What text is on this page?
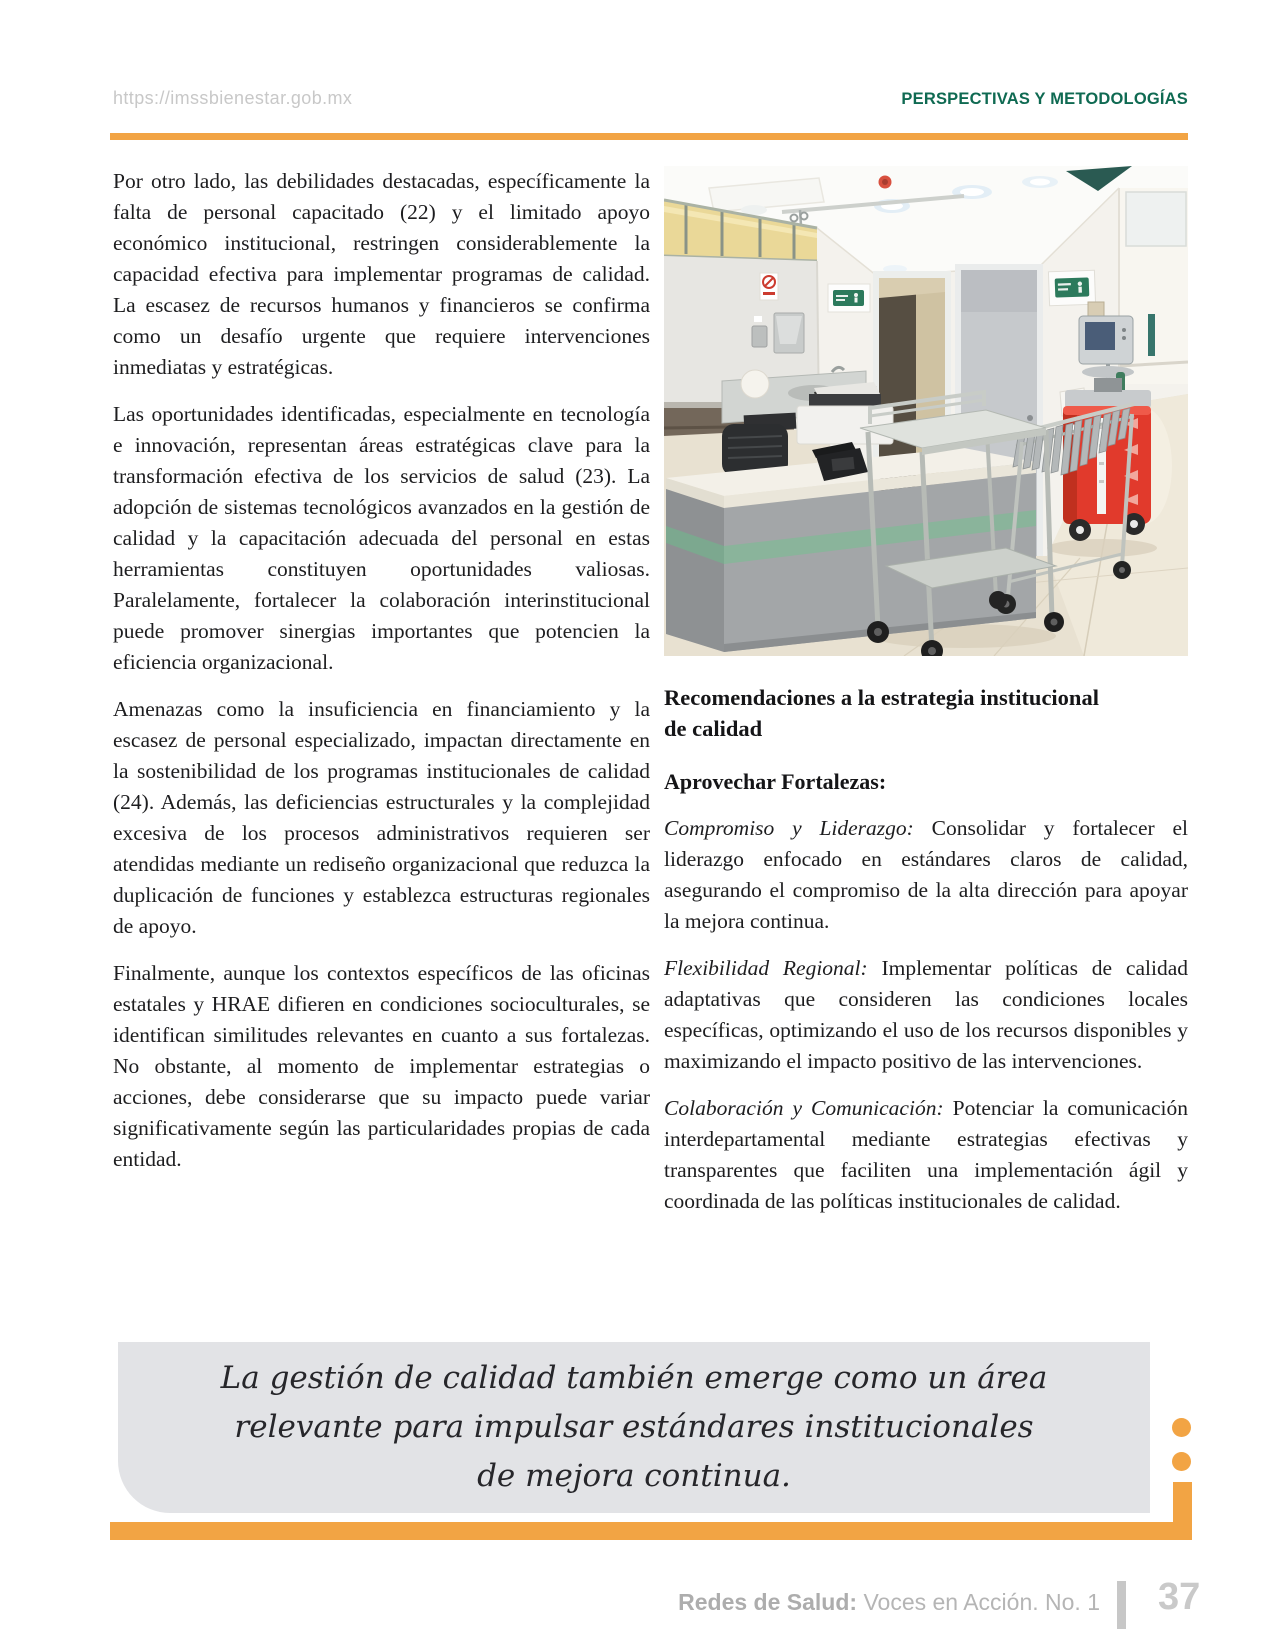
https://imssbienestar.gob.mx	PERSPECTIVAS Y METODOLOGÍAS

Por otro lado, las debilidades destacadas, específicamente la falta de personal capacitado (22) y el limitado apoyo económico institucional, restringen considerablemente la capacidad efectiva para implementar programas de calidad. La escasez de recursos humanos y financieros se confirma como un desafío urgente que requiere intervenciones inmediatas y estratégicas.

Las oportunidades identificadas, especialmente en tecnología e innovación, representan áreas estratégicas clave para la transformación efectiva de los servicios de salud (23). La adopción de sistemas tecnológicos avanzados en la gestión de calidad y la capacitación adecuada del personal en estas herramientas constituyen oportunidades valiosas. Paralelamente, fortalecer la colaboración interinstitucional puede promover sinergias importantes que potencien la eficiencia organizacional.

Amenazas como la insuficiencia en financiamiento y la escasez de personal especializado, impactan directamente en la sostenibilidad de los programas institucionales de calidad (24). Además, las deficiencias estructurales y la complejidad excesiva de los procesos administrativos requieren ser atendidas mediante un rediseño organizacional que reduzca la duplicación de funciones y establezca estructuras regionales de apoyo.

Finalmente, aunque los contextos específicos de las oficinas estatales y HRAE difieren en condiciones socioculturales, se identifican similitudes relevantes en cuanto a sus fortalezas. No obstante, al momento de implementar estrategias o acciones, debe considerarse que su impacto puede variar significativamente según las particularidades propias de cada entidad.

Recomendaciones a la estrategia institucional de calidad
Aprovechar Fortalezas:

Compromiso y Liderazgo: Consolidar y fortalecer el liderazgo enfocado en estándares claros de calidad, asegurando el compromiso de la alta dirección para apoyar la mejora continua.

Flexibilidad Regional: Implementar políticas de calidad adaptativas que consideren las condiciones locales específicas, optimizando el uso de los recursos disponibles y maximizando el impacto positivo de las intervenciones.

Colaboración y Comunicación: Potenciar la comunicación interdepartamental mediante estrategias efectivas y transparentes que faciliten una implementación ágil y coordinada de las políticas institucionales de calidad.

La gestión de calidad también emerge como un área
relevante para impulsar estándares institucionales
de mejora continua.
Redes de Salud: Voces en Acción. No. 1 37
